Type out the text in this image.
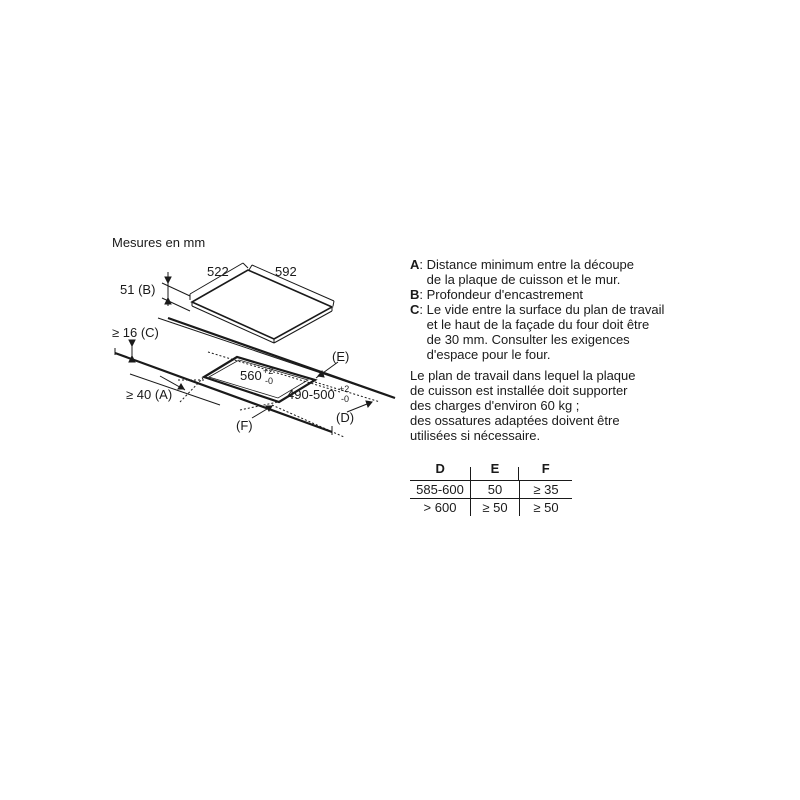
522	592
51 (B)
≥ 16 (C)
≥ 40 (A)
560 +2
-0
490-500 +2
-0
(E)
(D)
(F)
Mesures en mm
A : Distance minimum entre la découpe
de la plaque de cuisson et le mur.
B : Profondeur d'encastrement
C : Le vide entre la surface du plan de travail
et le haut de la façade du four doit être
de 30 mm. Consulter les exigences
d'espace pour le four.
Le plan de travail dans lequel la plaque
de cuisson est installée doit supporter
des charges d'environ 60 kg ;
des ossatures adaptées doivent être
utilisées si nécessaire.
D	E	F
585-600	50	≥ 35
> 600	≥ 50	≥ 50
